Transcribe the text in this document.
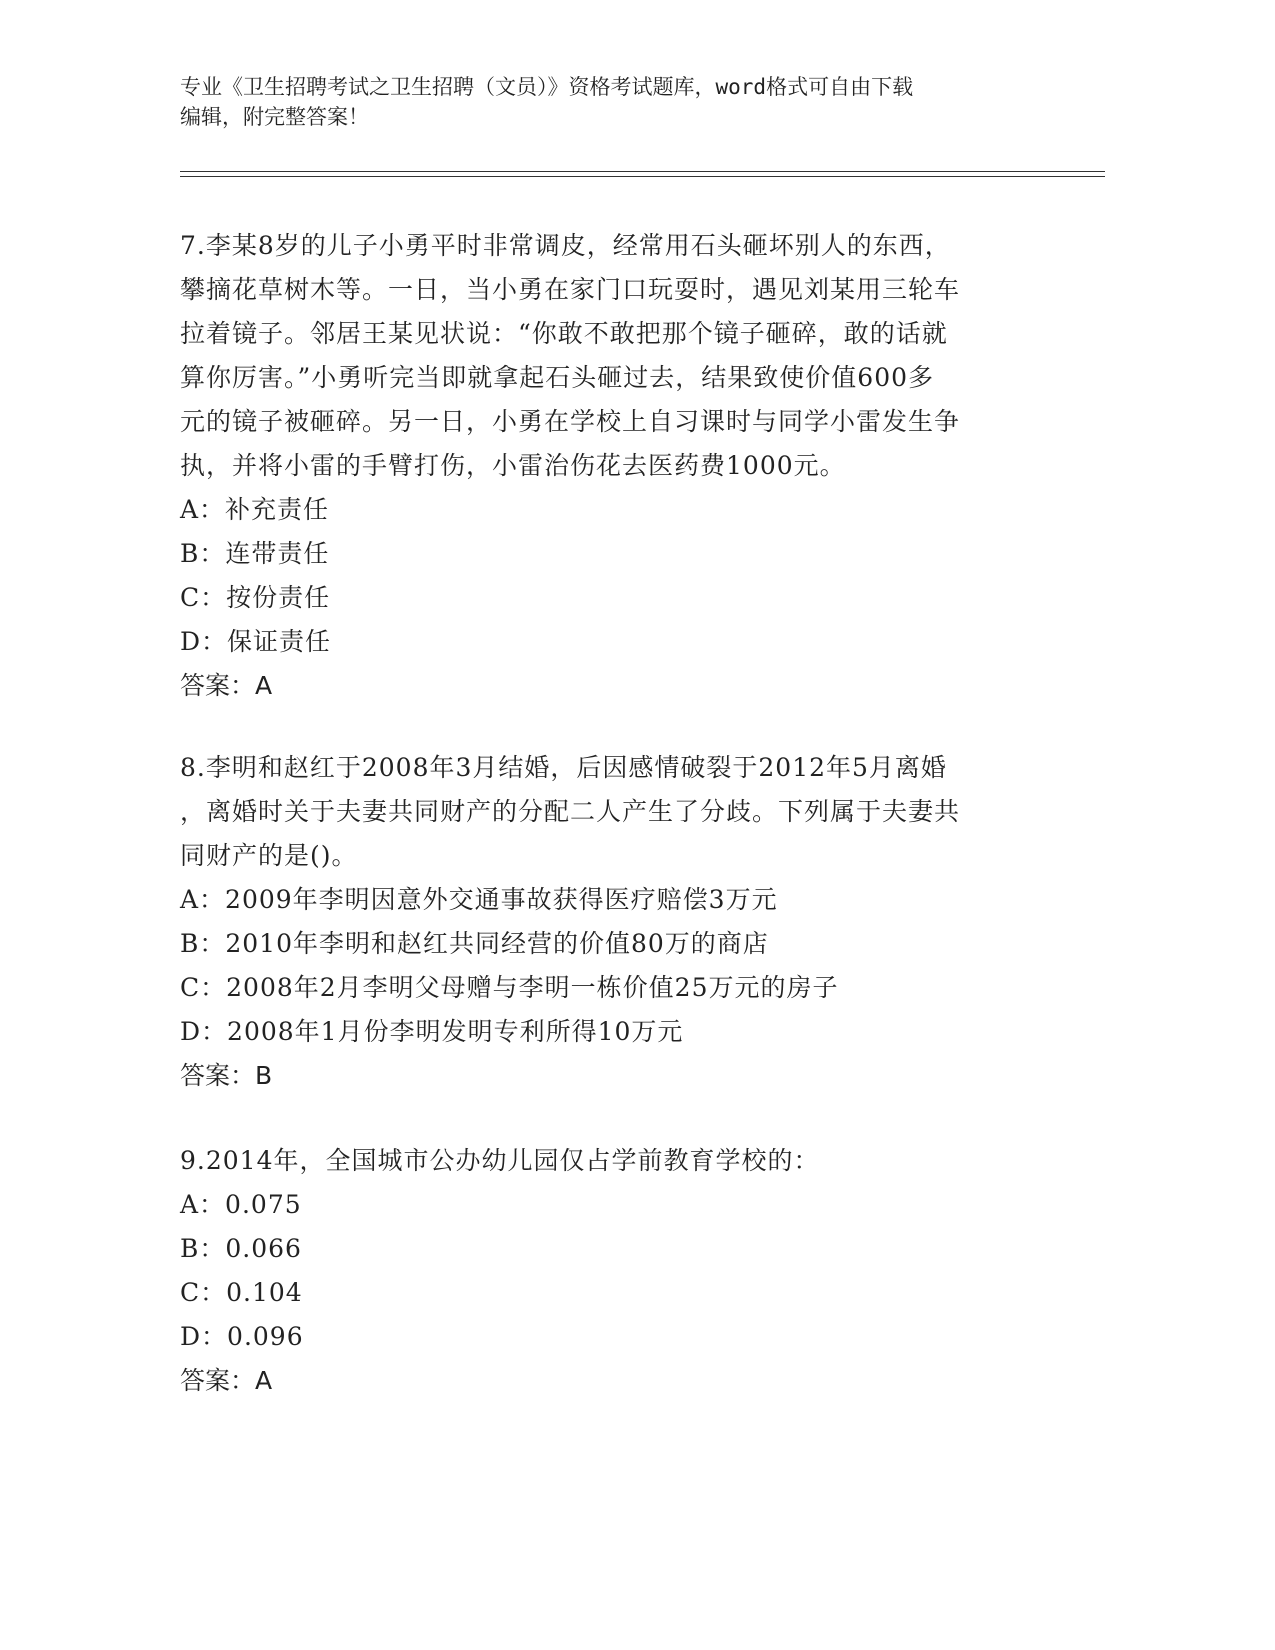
专业《卫生招聘考试之卫生招聘（文员）》资格考试题库，word格式可自由下载
编辑，附完整答案！
7.李某8岁的儿子小勇平时非常调皮，经常用石头砸坏别人的东西，
攀摘花草树木等。一日，当小勇在家门口玩耍时，遇见刘某用三轮车
拉着镜子。邻居王某见状说：“你敢不敢把那个镜子砸碎，敢的话就
算你厉害。”小勇听完当即就拿起石头砸过去，结果致使价值600多
元的镜子被砸碎。另一日，小勇在学校上自习课时与同学小雷发生争
执，并将小雷的手臂打伤，小雷治伤花去医药费1000元。
A：补充责任
B：连带责任
C：按份责任
D：保证责任
答案：A
8.李明和赵红于2008年3月结婚，后因感情破裂于2012年5月离婚
，离婚时关于夫妻共同财产的分配二人产生了分歧。下列属于夫妻共
同财产的是()。
A：2009年李明因意外交通事故获得医疗赔偿3万元
B：2010年李明和赵红共同经营的价值80万的商店
C：2008年2月李明父母赠与李明一栋价值25万元的房子
D：2008年1月份李明发明专利所得10万元
答案：B
9.2014年，全国城市公办幼儿园仅占学前教育学校的：
A：0.075
B：0.066
C：0.104
D：0.096
答案：A
